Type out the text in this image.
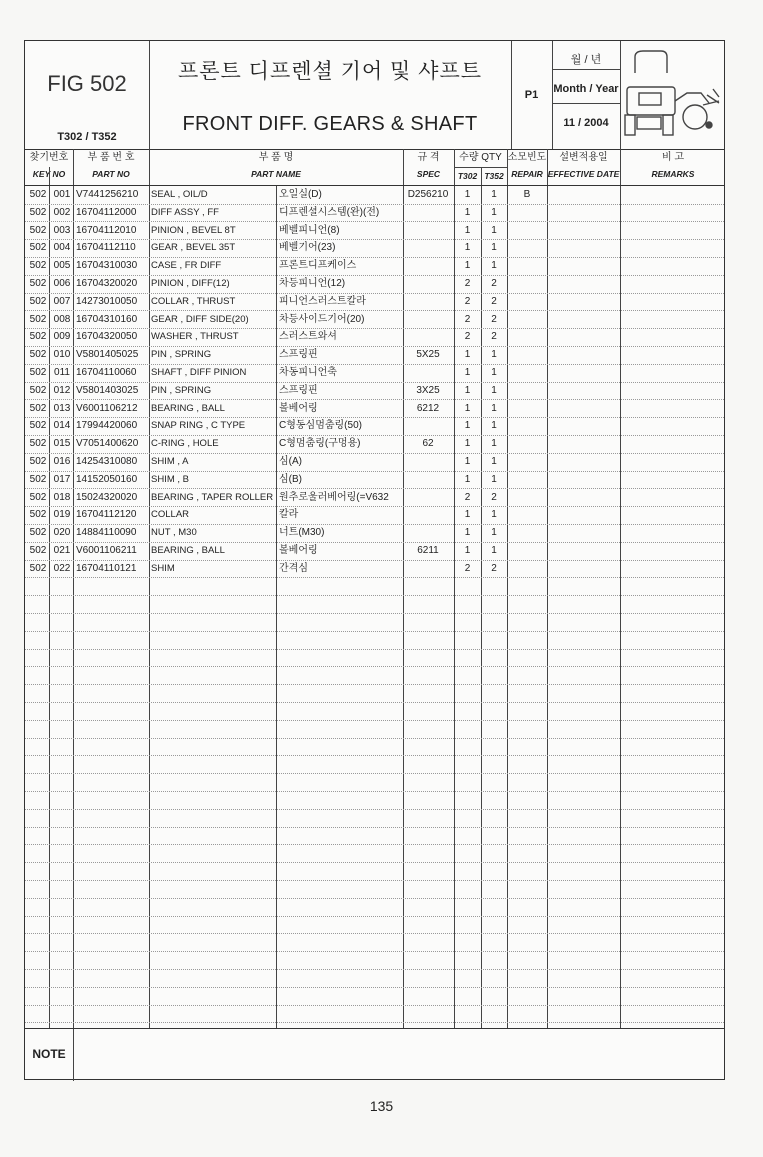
FIG 502
T302 / T352
프론트 디프렌셜 기어 및 샤프트
FRONT DIFF. GEARS & SHAFT
P1
월 / 년
Month / Year
11 / 2004
찾기번호
KEY NO
부 품 번 호
PART NO
부 품 명
PART NAME
규 격
SPEC
수량 QTY
T302 T352
소모빈도
REPAIR
설변적용일
EFFECTIVE DATE
비 고
REMARKS
502 001 V7441256210	SEAL , OIL/D	오일실(D)	D256210	1	1	B
502 002 16704112000	DIFF ASSY , FF	디프렌셜시스템(완)(전)	1	1
502 003 16704112010	PINION , BEVEL 8T	베벨피니언(8)	1	1
502 004 16704112110	GEAR , BEVEL 35T	베벨기어(23)	1	1
502 005 16704310030	CASE , FR DIFF	프론트디프케이스	1	1
502 006 16704320020	PINION , DIFF(12)	차등피니언(12)	2	2
502 007 14273010050	COLLAR , THRUST	피니언스러스트칼라	2	2
502 008 16704310160	GEAR , DIFF SIDE(20)	차등사이드기어(20)	2	2
502 009 16704320050	WASHER , THRUST	스러스트와셔	2	2
502 010 V5801405025	PIN , SPRING	스프링핀	5X25	1	1
502 011 16704110060	SHAFT , DIFF PINION	차동피니언축	1	1
502 012 V5801403025	PIN , SPRING	스프링핀	3X25	1	1
502 013 V6001106212	BEARING , BALL	볼베어링	6212	1	1
502 014 17994420060	SNAP RING , C TYPE	C형동심멈춤링(50)	1	1
502 015 V7051400620	C-RING , HOLE	C형멈춤링(구멍용)	62	1	1
502 016 14254310080	SHIM , A	심(A)	1	1
502 017 14152050160	SHIM , B	심(B)	1	1
502 018 15024320020	BEARING , TAPER ROLLER 원추로울러베어링(=V632	2	2
502 019 16704112120	COLLAR	칼라	1	1
502 020 14884110090	NUT , M30	너트(M30)	1	1
502 021 V6001106211	BEARING , BALL	볼베어링	6211	1	1
502 022 16704110121	SHIM	간격심	2	2
NOTE
135
